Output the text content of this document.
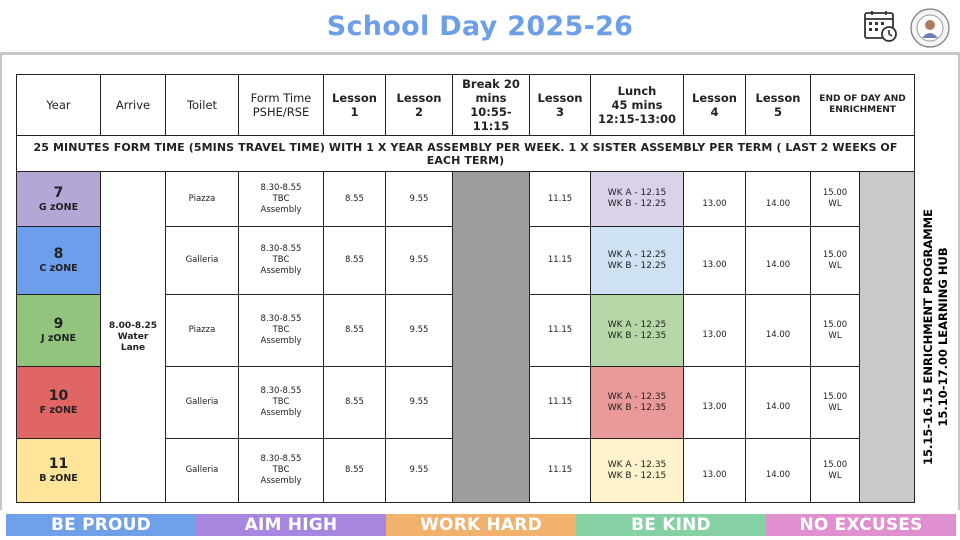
School Day 2025-26
Year	Arrive	Toilet	Form Time
PSHE/RSE	Lesson
1	Lesson
2	Break 20
mins
10:55-11:15	Lesson
3	Lunch
45 mins
12:15-13:00	Lesson
4	Lesson
5	END OF DAY AND
ENRICHMENT	

25 MINUTES FORM TIME (5MINS TRAVEL TIME) WITH 1 X YEAR ASSEMBLY PER WEEK. 1 X SISTER ASSEMBLY PER TERM ( LAST 2 WEEKS OF EACH TERM)												
7
G zONE	8.00-8.25
Water
Lane	Piazza	8.30-8.55
TBC
Assembly	8.55	9.55		11.15	WK A - 12.15
WK B - 12.25	13.00	14.00	15.00
WL	

8
C zONE		Galleria	8.30-8.55
TBC
Assembly	8.55	9.55		11.15	WK A - 12.25
WK B - 12.25	13.00	14.00	15.00
WL	

9
J zONE		Piazza	8.30-8.55
TBC
Assembly	8.55	9.55		11.15	WK A - 12.25
WK B - 12.35	13.00	14.00	15.00
WL	

10
F zONE		Galleria	8.30-8.55
TBC
Assembly	8.55	9.55		11.15	WK A - 12.35
WK B - 12.35	13.00	14.00	15.00
WL	

11
B zONE		Galleria	8.30-8.55
TBC
Assembly	8.55	9.55		11.15	WK A - 12.35
WK B - 12.15	13.00	14.00	15.00
WL	
15.15-16.15 ENRICHMENT PROGRAMME 15.10-17.00 LEARNING HUB
BE PROUD	AIM HIGH	WORK HARD	BE KIND	NO EXCUSES
